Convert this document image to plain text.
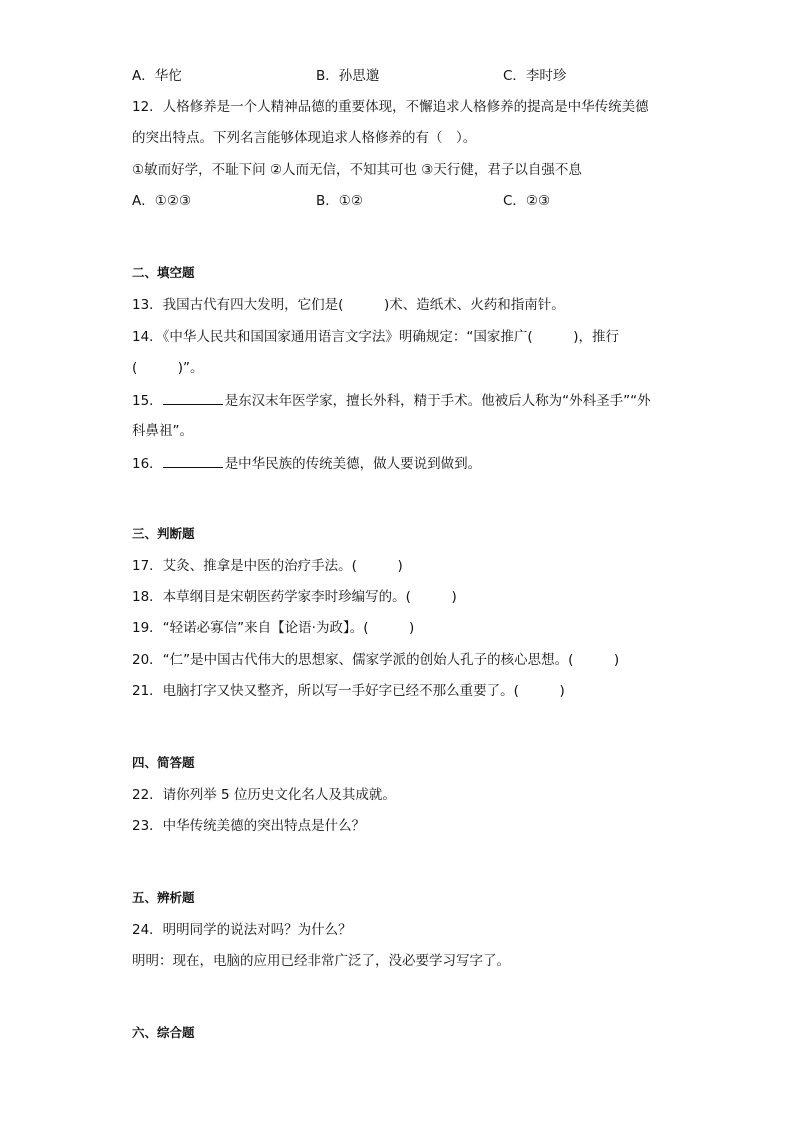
A．华佗	B．孙思邈	C．李时珍
12．人格修养是一个人精神品德的重要体现，不懈追求人格修养的提高是中华传统美德
的突出特点。下列名言能够体现追求人格修养的有（　）。
①敏而好学，不耻下问 ②人而无信，不知其可也 ③天行健，君子以自强不息
A．①②③	B．①②	C．②③
二、填空题
13．我国古代有四大发明，它们是(　　　)术、造纸术、火药和指南针。
14．《中华人民共和国国家通用语言文字法》明确规定：“国家推广(　　　)，推行
(　　　)”。
15．	是东汉末年医学家，擅长外科，精于手术。他被后人称为“外科圣手”“外
科鼻祖”。
16．	是中华民族的传统美德，做人要说到做到。
三、判断题
17．艾灸、推拿是中医的治疗手法。(　　　)
18．本草纲目是宋朝医药学家李时珍编写的。(　　　)
19．“轻诺必寡信”来自【论语·为政】。(　　　)
20．“仁”是中国古代伟大的思想家、儒家学派的创始人孔子的核心思想。(　　　)
21．电脑打字又快又整齐，所以写一手好字已经不那么重要了。(　　　)
四、简答题
22．请你列举 5 位历史文化名人及其成就。
23．中华传统美德的突出特点是什么？
五、辨析题
24．明明同学的说法对吗？为什么？
明明：现在，电脑的应用已经非常广泛了，没必要学习写字了。
六、综合题
